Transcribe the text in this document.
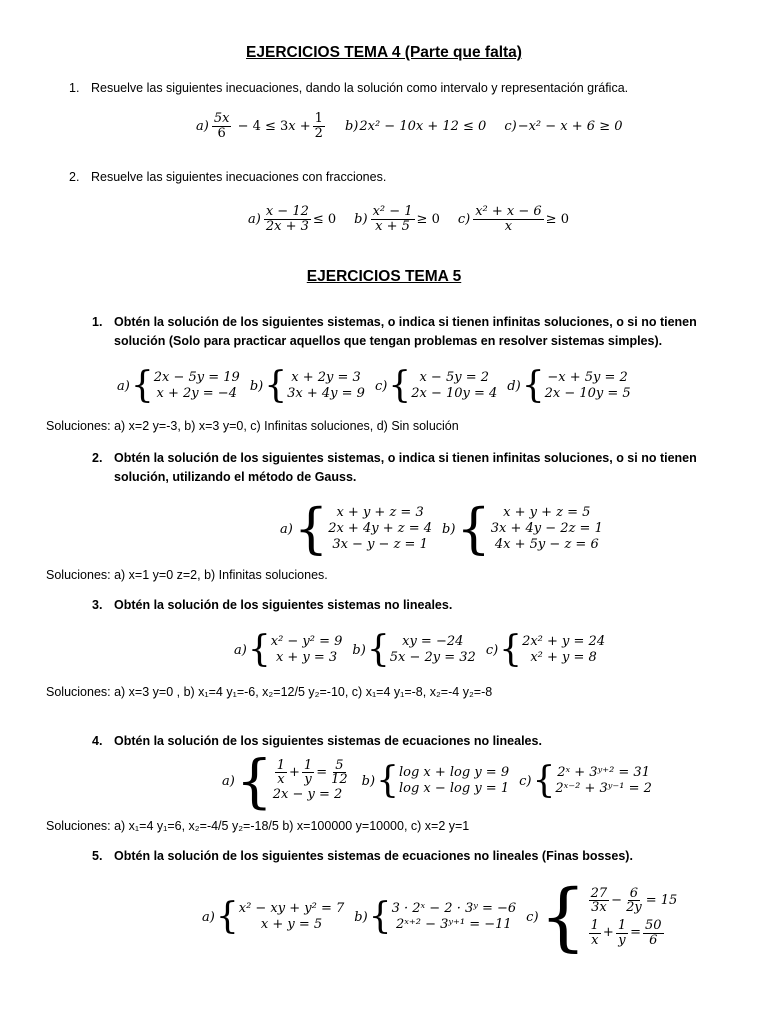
EJERCICIOS TEMA 4 (Parte que falta)
1. Resuelve las siguientes inecuaciones, dando la solución como intervalo y representación gráfica.
$a) \frac{5x}{6} - 4 \le 3x + \frac{1}{2} b$) 2x² − 10x + 12 ≤ 0 c) −x² − x + 6 ≥ 0
2. Resuelve las siguientes inecuaciones con fracciones.
$a) \frac{x - 12}{2x + 3} \le 0$ $b) \frac{\text{x² − 1}}{x + 5} \ge 0$ $c) \frac{\text{x² + x − 6}}{x} \ge 0$
EJERCICIOS TEMA 5
1. Obtén la solución de los siguientes sistemas, o indica si tienen infinitas soluciones, o si no tienen
solución (Solo para practicar aquellos que tengan problemas en resolver sistemas simples).
a) { 2x − 5y = 19
x + 2y = −4 b) { x + 2y = 3
3x + 4y = 9 c) { x − 5y = 2
2x − 10y = 4 d) { −x + 5y = 2
2x − 10y = 5
Soluciones: a) x=2 y=-3, b) x=3 y=0, c) Infinitas soluciones, d) Sin solución
2. Obtén la solución de los siguientes sistemas, o indica si tienen infinitas soluciones, o si no tienen
solución, utilizando el método de Gauss.
a) { x + y + z = 3
2x + 4y + z = 4
3x − y − z = 1
b) { x + y + z = 5
3x + 4y − 2z = 1
4x + 5y − z = 6
Soluciones: a) x=1 y=0 z=2, b) Infinitas soluciones.
3. Obtén la solución de los siguientes sistemas no lineales.
a) { x² − y² = 9
x + y = 3 b) { xy = −24
5x − 2y = 32 c) { 2x² + y = 24
x² + y = 8
Soluciones: a) x=3 y=0 , b) x₁=4 y₁=-6, x₂=12/5 y₂=-10, c) x₁=4 y₁=-8, x₂=-4 y₂=-8
4. Obtén la solución de los siguientes sistemas de ecuaciones no lineales.
a) { $\frac{1}{x} + \frac{1}{y} = \frac{5}{12}$
2x − y = 2
b) { log x + log y = 9
log x − log y = 1 c) { 2ˣ + 3ʸ⁺² = 31
2ˣ⁻² + 3ʸ⁻¹ = 2
Soluciones: a) x₁=4 y₁=6, x₂=-4/5 y₂=-18/5 b) x=100000 y=10000, c) x=2 y=1
5. Obtén la solución de los siguientes sistemas de ecuaciones no lineales (Finas bosses).
a) { x² − xy + y² = 7
x + y = 5 b) { 3 · 2ˣ − 2 · 3ʸ = −6
2ˣ⁺² − 3ʸ⁺¹ = −11 c) { $\frac{27}{3x} - \frac{6}{2y} = 15$
$\frac{1}{x} + \frac{1}{y} = \frac{50}{6}$
